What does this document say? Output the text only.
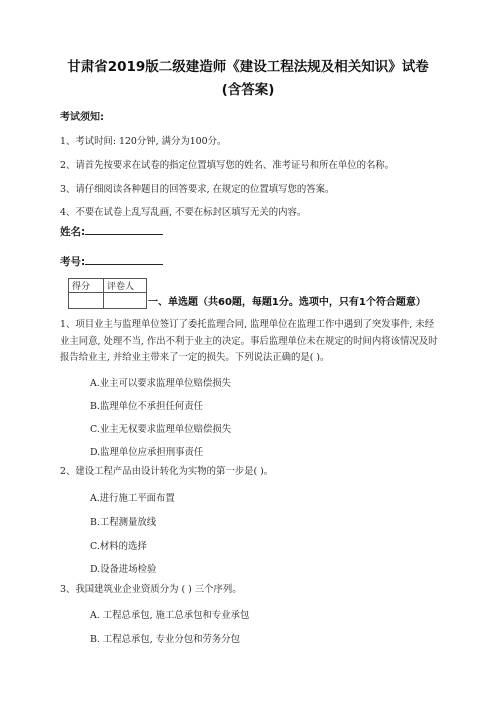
甘肃省2019版二级建造师《建设工程法规及相关知识》试卷 (含答案)
考试须知:
1、考试时间: 120分钟, 满分为100分。
2、请首先按要求在试卷的指定位置填写您的姓名、准考证号和所在单位的名称。
3、请仔细阅读各种题目的回答要求, 在规定的位置填写您的答案。
4、不要在试卷上乱写乱画, 不要在标封区填写无关的内容。
姓名:
考号:
得分	评卷人

一、单选题（共60题，每题1分。选项中，只有1个符合题意）
1、项目业主与监理单位签订了委托监理合同, 监理单位在监理工作中遇到了突发事件, 未经业主同意, 处理不当, 作出不利于业主的决定。事后监理单位未在规定的时间内将该情况及时报告给业主, 并给业主带来了一定的损失。下列说法正确的是( )。
A.业主可以要求监理单位赔偿损失
B.监理单位不承担任何责任
C.业主无权要求监理单位赔偿损失
D.监理单位应承担刑事责任
2、建设工程产品由设计转化为实物的第一步是( )。
A.进行施工平面布置
B.工程测量放线
C.材料的选择
D.设备进场检验
3、我国建筑业企业资质分为 ( ) 三个序列。
A. 工程总承包, 施工总承包和专业承包
B. 工程总承包, 专业分包和劳务分包
